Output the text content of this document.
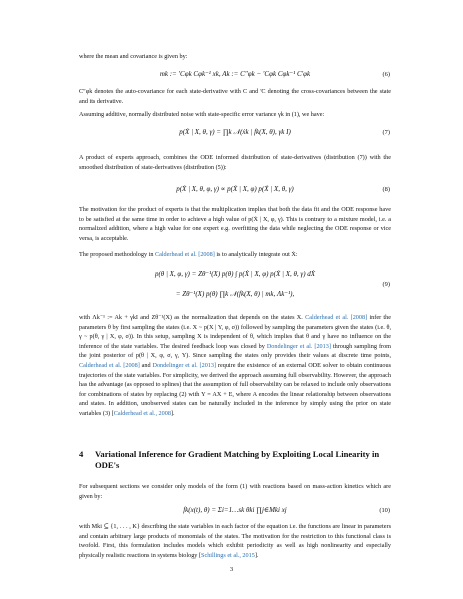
where the mean and covariance is given by:
mk := 'Cφk Cφk⁻¹ xk, Ak := C″φk − 'Cφk Cφk⁻¹ C'φk	(6)
C″φk denotes the auto-covariance for each state-derivative with C and 'C denoting the cross-covariances between the state and its derivative.
Assuming additive, normally distributed noise with state-specific error variance γk in (1), we have:
p(Ẋ | X, θ, γ) = ∏k 𝒩(ẋk | fk(X, θ), γk I)	(7)
A product of experts approach, combines the ODE informed distribution of state-derivatives (distribution (7)) with the smoothed distribution of state-derivatives (distribution (5)):
p(Ẋ | X, θ, φ, γ) ∝ p(Ẋ | X, φ) p(Ẋ | X, θ, γ)	(8)
The motivation for the product of experts is that the multiplication implies that both the data fit and the ODE response have to be satisfied at the same time in order to achieve a high value of p(Ẋ | X, φ, γ). This is contrary to a mixture model, i.e. a normalized addition, where a high value for one expert e.g. overfitting the data while neglecting the ODE response or vice versa, is acceptable.
The proposed methodology in Calderhead et al. [2008] is to analytically integrate out Ẋ:
p(θ | X, φ, γ) = Zθ⁻¹(X) p(θ) ∫ p(Ẋ | X, φ) p(Ẋ | X, θ, γ) dẊ
= Zθ⁻¹(X) p(θ) ∏k 𝒩(fk(X, θ) | mk, Λk⁻¹),
(9)
with Λk⁻¹ := Ak + γkI and Zθ⁻¹(X) as the normalization that depends on the states X. Calderhead et al. [2008] infer the parameters θ by first sampling the states (i.e. X ~ p(X | Y, φ, σ)) followed by sampling the parameters given the states (i.e. θ, γ ~ p(θ, γ | X, φ, σ)). In this setup, sampling X is independent of θ, which implies that θ and γ have no influence on the inference of the state variables. The desired feedback loop was closed by Dondelinger et al. [2013] through sampling from the joint posterior of p(θ | X, φ, σ, γ, Y). Since sampling the states only provides their values at discrete time points, Calderhead et al. [2008] and Dondelinger et al. [2013] require the existence of an external ODE solver to obtain continuous trajectories of the state variables. For simplicity, we derived the approach assuming full observability. However, the approach has the advantage (as opposed to splines) that the assumption of full observability can be relaxed to include only observations for combinations of states by replacing (2) with Y = AX + E, where A encodes the linear relationship between observations and states. In addition, unobserved states can be naturally included in the inference by simply using the prior on state variables (3) [Calderhead et al., 2008].
4 Variational Inference for Gradient Matching by Exploiting Local Linearity in ODE's
For subsequent sections we consider only models of the form (1) with reactions based on mass-action kinetics which are given by:
fk(x(t), θ) = Σi=1…sk θki ∏j∈Mki xj	(10)
with Mki ⊆ {1, . . . , K} describing the state variables in each factor of the equation i.e. the functions are linear in parameters and contain arbitrary large products of monomials of the states. The motivation for the restriction to this functional class is twofold. First, this formulation includes models which exhibit periodicity as well as high nonlinearity and especially physically realistic reactions in systems biology [Schillings et al., 2015].
3
